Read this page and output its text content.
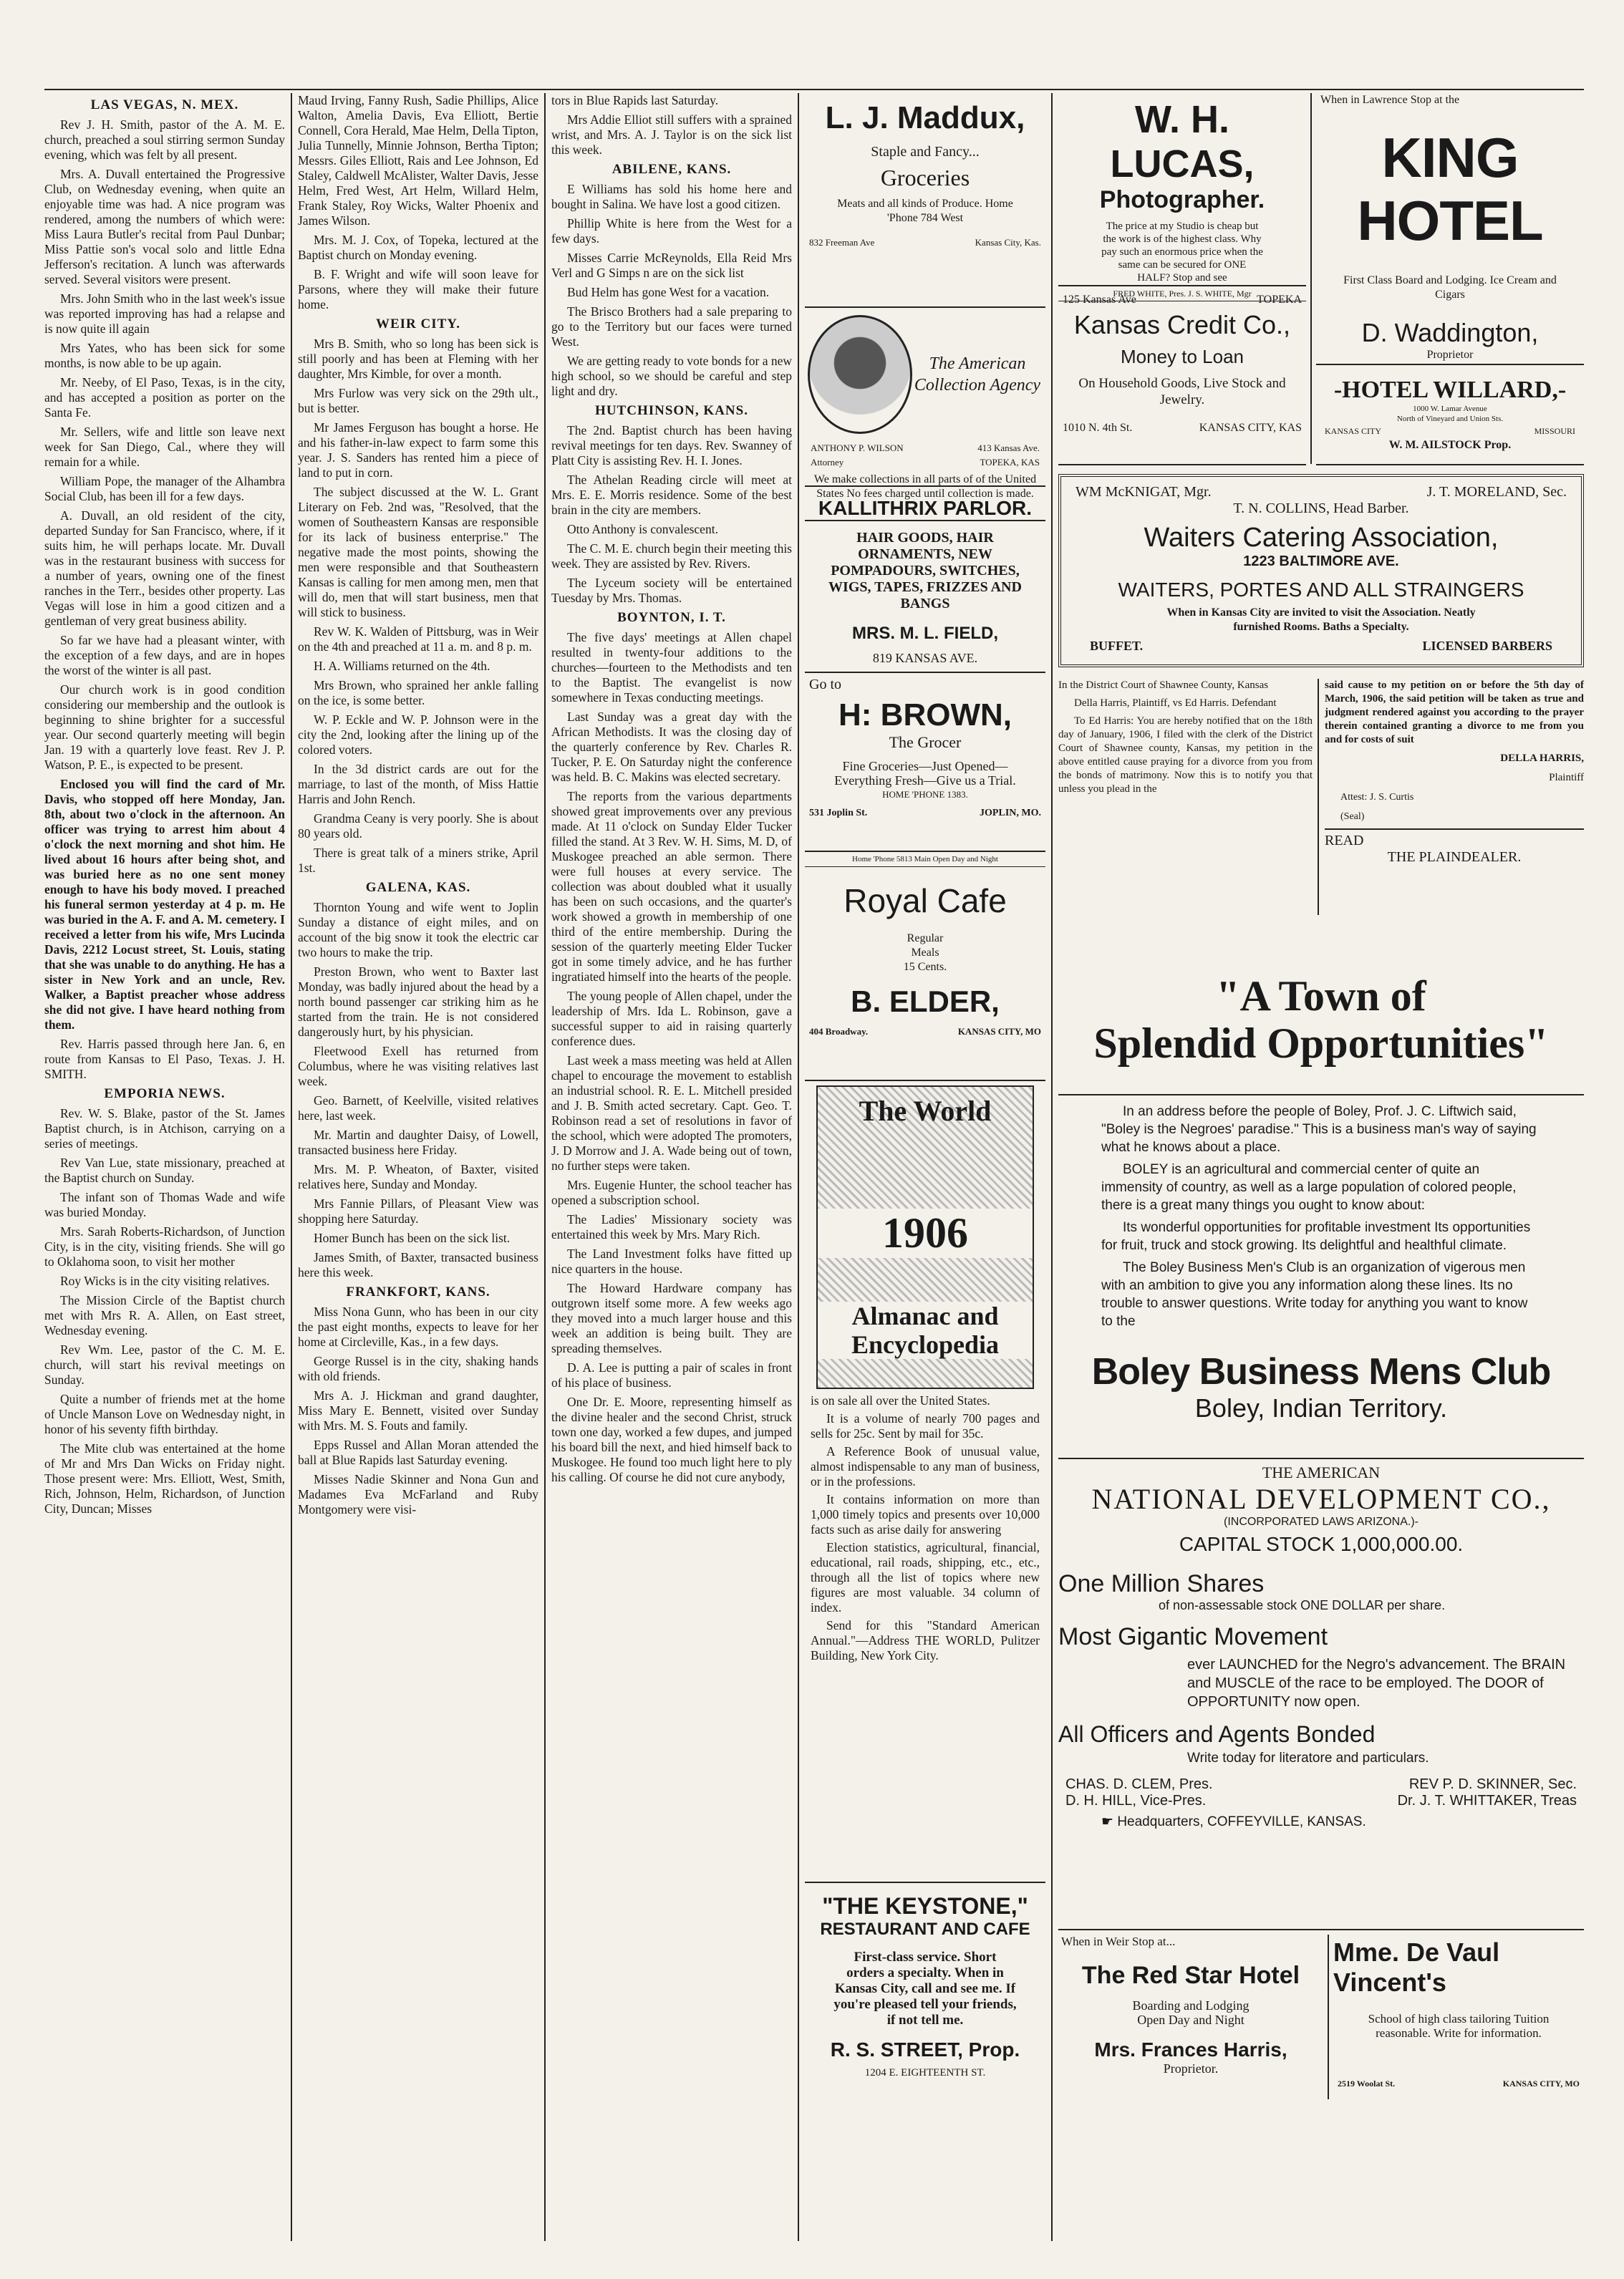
LAS VEGAS, N. MEX.

Rev J. H. Smith, pastor of the A. M. E. church, preached a soul stirring sermon Sunday evening, which was felt by all present.

Mrs. A. Duvall entertained the Progressive Club, on Wednesday evening, when quite an enjoyable time was had. A nice program was rendered, among the numbers of which were: Miss Laura Butler's recital from Paul Dunbar; Miss Pattie son's vocal solo and little Edna Jefferson's recitation. A lunch was afterwards served. Several visitors were present.

Mrs. John Smith who in the last week's issue was reported improving has had a relapse and is now quite ill again

Mrs Yates, who has been sick for some months, is now able to be up again.

Mr. Neeby, of El Paso, Texas, is in the city, and has accepted a position as porter on the Santa Fe.

Mr. Sellers, wife and little son leave next week for San Diego, Cal., where they will remain for a while.

William Pope, the manager of the Alhambra Social Club, has been ill for a few days.

A. Duvall, an old resident of the city, departed Sunday for San Francisco, where, if it suits him, he will perhaps locate. Mr. Duvall was in the restaurant business with success for a number of years, owning one of the finest ranches in the Terr., besides other property. Las Vegas will lose in him a good citizen and a gentleman of very great business ability.

So far we have had a pleasant winter, with the exception of a few days, and are in hopes the worst of the winter is all past.

Our church work is in good condition considering our membership and the outlook is beginning to shine brighter for a successful year. Our second quarterly meeting will begin Jan. 19 with a quarterly love feast. Rev J. P. Watson, P. E., is expected to be present.

Enclosed you will find the card of Mr. Davis, who stopped off here Monday, Jan. 8th, about two o'clock in the afternoon. An officer was trying to arrest him about 4 o'clock the next morning and shot him. He lived about 16 hours after being shot, and was buried here as no one sent money enough to have his body moved. I preached his funeral sermon yesterday at 4 p. m. He was buried in the A. F. and A. M. cemetery. I received a letter from his wife, Mrs Lucinda Davis, 2212 Locust street, St. Louis, stating that she was unable to do anything. He has a sister in New York and an uncle, Rev. Walker, a Baptist preacher whose address she did not give. I have heard nothing from them.

Rev. Harris passed through here Jan. 6, en route from Kansas to El Paso, Texas. J. H. SMITH.

EMPORIA NEWS.

Rev. W. S. Blake, pastor of the St. James Baptist church, is in Atchison, carrying on a series of meetings.

Rev Van Lue, state missionary, preached at the Baptist church on Sunday.

The infant son of Thomas Wade and wife was buried Monday.

Mrs. Sarah Roberts-Richardson, of Junction City, is in the city, visiting friends. She will go to Oklahoma soon, to visit her mother

Roy Wicks is in the city visiting relatives.

The Mission Circle of the Baptist church met with Mrs R. A. Allen, on East street, Wednesday evening.

Rev Wm. Lee, pastor of the C. M. E. church, will start his revival meetings on Sunday.

Quite a number of friends met at the home of Uncle Manson Love on Wednesday night, in honor of his seventy fifth birthday.

The Mite club was entertained at the home of Mr and Mrs Dan Wicks on Friday night. Those present were: Mrs. Elliott, West, Smith, Rich, Johnson, Helm, Richardson, of Junction City, Duncan; Misses

Maud Irving, Fanny Rush, Sadie Phillips, Alice Walton, Amelia Davis, Eva Elliott, Bertie Connell, Cora Herald, Mae Helm, Della Tipton, Julia Tunnelly, Minnie Johnson, Bertha Tipton; Messrs. Giles Elliott, Rais and Lee Johnson, Ed Staley, Caldwell McAlister, Walter Davis, Jesse Helm, Fred West, Art Helm, Willard Helm, Frank Staley, Roy Wicks, Walter Phoenix and James Wilson.

Mrs. M. J. Cox, of Topeka, lectured at the Baptist church on Monday evening.

B. F. Wright and wife will soon leave for Parsons, where they will make their future home.

WEIR CITY.

Mrs B. Smith, who so long has been sick is still poorly and has been at Fleming with her daughter, Mrs Kimble, for over a month.

Mrs Furlow was very sick on the 29th ult., but is better.

Mr James Ferguson has bought a horse. He and his father-in-law expect to farm some this year. J. S. Sanders has rented him a piece of land to put in corn.

The subject discussed at the W. L. Grant Literary on Feb. 2nd was, "Resolved, that the women of Southeastern Kansas are responsible for its lack of business enterprise." The negative made the most points, showing the men were responsible and that Southeastern Kansas is calling for men among men, men that will do, men that will start business, men that will stick to business.

Rev W. K. Walden of Pittsburg, was in Weir on the 4th and preached at 11 a. m. and 8 p. m.

H. A. Williams returned on the 4th.

Mrs Brown, who sprained her ankle falling on the ice, is some better.

W. P. Eckle and W. P. Johnson were in the city the 2nd, looking after the lining up of the colored voters.

In the 3d district cards are out for the marriage, to last of the month, of Miss Hattie Harris and John Rench.

Grandma Ceany is very poorly. She is about 80 years old.

There is great talk of a miners strike, April 1st.

GALENA, KAS.

Thornton Young and wife went to Joplin Sunday a distance of eight miles, and on account of the big snow it took the electric car two hours to make the trip.

Preston Brown, who went to Baxter last Monday, was badly injured about the head by a north bound passenger car striking him as he started from the train. He is not considered dangerously hurt, by his physician.

Fleetwood Exell has returned from Columbus, where he was visiting relatives last week.

Geo. Barnett, of Keelville, visited relatives here, last week.

Mr. Martin and daughter Daisy, of Lowell, transacted business here Friday.

Mrs. M. P. Wheaton, of Baxter, visited relatives here, Sunday and Monday.

Mrs Fannie Pillars, of Pleasant View was shopping here Saturday.

Homer Bunch has been on the sick list.

James Smith, of Baxter, transacted business here this week.

FRANKFORT, KANS.

Miss Nona Gunn, who has been in our city the past eight months, expects to leave for her home at Circleville, Kas., in a few days.

George Russel is in the city, shaking hands with old friends.

Mrs A. J. Hickman and grand daughter, Miss Mary E. Bennett, visited over Sunday with Mrs. M. S. Fouts and family.

Epps Russel and Allan Moran attended the ball at Blue Rapids last Saturday evening.

Misses Nadie Skinner and Nona Gun and Madames Eva McFarland and Ruby Montgomery were visi-

tors in Blue Rapids last Saturday.

Mrs Addie Elliot still suffers with a sprained wrist, and Mrs. A. J. Taylor is on the sick list this week.

ABILENE, KANS.

E Williams has sold his home here and bought in Salina. We have lost a good citizen.

Phillip White is here from the West for a few days.

Misses Carrie McReynolds, Ella Reid Mrs Verl and G Simps n are on the sick list

Bud Helm has gone West for a vacation.

The Brisco Brothers had a sale preparing to go to the Territory but our faces were turned West.

We are getting ready to vote bonds for a new high school, so we should be careful and step light and dry.

HUTCHINSON, KANS.

The 2nd. Baptist church has been having revival meetings for ten days. Rev. Swanney of Platt City is assisting Rev. H. I. Jones.

The Athelan Reading circle will meet at Mrs. E. E. Morris residence. Some of the best brain in the city are members.

Otto Anthony is convalescent.

The C. M. E. church begin their meeting this week. They are assisted by Rev. Rivers.

The Lyceum society will be entertained Tuesday by Mrs. Thomas.

BOYNTON, I. T.

The five days' meetings at Allen chapel resulted in twenty-four additions to the churches—fourteen to the Methodists and ten to the Baptist. The evangelist is now somewhere in Texas conducting meetings.

Last Sunday was a great day with the African Methodists. It was the closing day of the quarterly conference by Rev. Charles R. Tucker, P. E. On Saturday night the conference was held. B. C. Makins was elected secretary.

The reports from the various departments showed great improvements over any previous made. At 11 o'clock on Sunday Elder Tucker filled the stand. At 3 Rev. W. H. Sims, M. D, of Muskogee preached an able sermon. There were full houses at every service. The collection was about doubled what it usually has been on such occasions, and the quarter's work showed a growth in membership of one third of the entire membership. During the session of the quarterly meeting Elder Tucker got in some timely advice, and he has further ingratiated himself into the hearts of the people.

The young people of Allen chapel, under the leadership of Mrs. Ida L. Robinson, gave a successful supper to aid in raising quarterly conference dues.

Last week a mass meeting was held at Allen chapel to encourage the movement to establish an industrial school. R. E. L. Mitchell presided and J. B. Smith acted secretary. Capt. Geo. T. Robinson read a set of resolutions in favor of the school, which were adopted The promoters, J. D Morrow and J. A. Wade being out of town, no further steps were taken.

Mrs. Eugenie Hunter, the school teacher has opened a subscription school.

The Ladies' Missionary society was entertained this week by Mrs. Mary Rich.

The Land Investment folks have fitted up nice quarters in the house.

The Howard Hardware company has outgrown itself some more. A few weeks ago they moved into a much larger house and this week an addition is being built. They are spreading themselves.

D. A. Lee is putting a pair of scales in front of his place of business.

One Dr. E. Moore, representing himself as the divine healer and the second Christ, struck town one day, worked a few dupes, and jumped his board bill the next, and hied himself back to Muskogee. He found too much light here to ply his calling. Of course he did not cure anybody,

L. J. Maddux,
Staple and Fancy...
Groceries
Meats and all kinds of Produce. Home 'Phone 784 West
832 Freeman Ave	Kansas City, Kas.
The American Collection Agency
ANTHONY P. WILSON	413 Kansas Ave.
Attorney	TOPEKA, KAS
We make collections in all parts of of the United States No fees charged until collection is made.
KALLITHRIX PARLOR.
HAIR GOODS, HAIR ORNAMENTS, NEW POMPADOURS, SWITCHES, WIGS, TAPES, FRIZZES AND BANGS
MRS. M. L. FIELD,
819 KANSAS AVE.
Go to
H: BROWN,
The Grocer
Fine Groceries—Just Opened—Everything Fresh—Give us a Trial.
HOME 'PHONE 1383.
531 Joplin St.	JOPLIN, MO.
Home 'Phone 5813 Main Open Day and Night
Royal Cafe
Regular
Meals
15 Cents.
B. ELDER,
404 Broadway.	KANSAS CITY, MO
The World
1906
Almanac and Encyclopedia

is on sale all over the United States.

It is a volume of nearly 700 pages and sells for 25c. Sent by mail for 35c.

A Reference Book of unusual value, almost indispensable to any man of business, or in the professions.

It contains information on more than 1,000 timely topics and presents over 10,000 facts such as arise daily for answering

Election statistics, agricultural, financial, educational, rail roads, shipping, etc., etc., through all the list of topics where new figures are most valuable. 34 column of index.

Send for this "Standard American Annual."—Address THE WORLD, Pulitzer Building, New York City.

"THE KEYSTONE,"
RESTAURANT AND CAFE
First-class service. Short orders a specialty. When in Kansas City, call and see me. If you're pleased tell your friends, if not tell me.
R. S. STREET, Prop.
1204 E. EIGHTEENTH ST.
W. H. LUCAS,
Photographer.
The price at my Studio is cheap but the work is of the highest class. Why pay such an enormous price when the same can be secured for ONE HALF? Stop and see
125 Kansas Ave	TOPEKA
FRED WHITE, Pres. J. S. WHITE, Mgr
Kansas Credit Co.,
Money to Loan
On Household Goods, Live Stock and Jewelry.
1010 N. 4th St.	KANSAS CITY, KAS
When in Lawrence Stop at the
KING HOTEL
First Class Board and Lodging. Ice Cream and Cigars
D. Waddington,
Proprietor
-HOTEL WILLARD,-
1000 W. Lamar Avenue
North of Vineyard and Union Sts.
KANSAS CITY	MISSOURI
W. M. AILSTOCK Prop.
WM McKNIGAT, Mgr.	J. T. MORELAND, Sec.
T. N. COLLINS, Head Barber.
Waiters Catering Association,
1223 BALTIMORE AVE.
WAITERS, PORTES AND ALL STRAINGERS
When in Kansas City are invited to visit the Association. Neatly furnished Rooms. Baths a Specialty.
BUFFET.	LICENSED BARBERS

In the District Court of Shawnee County, Kansas

Della Harris, Plaintiff, vs Ed Harris. Defendant

To Ed Harris: You are hereby notified that on the 18th day of January, 1906, I filed with the clerk of the District Court of Shawnee county, Kansas, my petition in the above entitled cause praying for a divorce from you from the bonds of matrimony. Now this is to notify you that unless you plead in the

said cause to my petition on or before the 5th day of March, 1906, the said petition will be taken as true and judgment rendered against you according to the prayer therein contained granting a divorce to me from you and for costs of suit

DELLA HARRIS,

Plaintiff

Attest: J. S. Curtis

(Seal)

READ
THE PLAINDEALER.
"A Town of
Splendid Opportunities"

In an address before the people of Boley, Prof. J. C. Liftwich said, "Boley is the Negroes' paradise." This is a business man's way of saying what he knows about a place.

BOLEY is an agricultural and commercial center of quite an immensity of country, as well as a large population of colored people, there is a great many things you ought to know about:

Its wonderful opportunities for profitable investment Its opportunities for fruit, truck and stock growing. Its delightful and healthful climate.

The Boley Business Men's Club is an organization of vigerous men with an ambition to give you any information along these lines. Its no trouble to answer questions. Write today for anything you want to know to the

Boley Business Mens Club
Boley, Indian Territory.
THE AMERICAN
NATIONAL DEVELOPMENT CO.,
(INCORPORATED LAWS ARIZONA.)-
CAPITAL STOCK 1,000,000.00.
One Million Shares
of non-assessable stock ONE DOLLAR per share.
Most Gigantic Movement
ever LAUNCHED for the Negro's advancement. The BRAIN and MUSCLE of the race to be employed. The DOOR of OPPORTUNITY now open.
All Officers and Agents Bonded
Write today for literatore and particulars.
CHAS. D. CLEM, Pres.	REV P. D. SKINNER, Sec.
D. H. HILL, Vice-Pres.	Dr. J. T. WHITTAKER, Treas
☛ Headquarters, COFFEYVILLE, KANSAS.
When in Weir Stop at...
The Red Star Hotel
Boarding and Lodging
Open Day and Night
Mrs. Frances Harris,
Proprietor.
Mme. De Vaul Vincent's
School of high class tailoring Tuition reasonable. Write for information.
2519 Woolat St.	KANSAS CITY, MO
